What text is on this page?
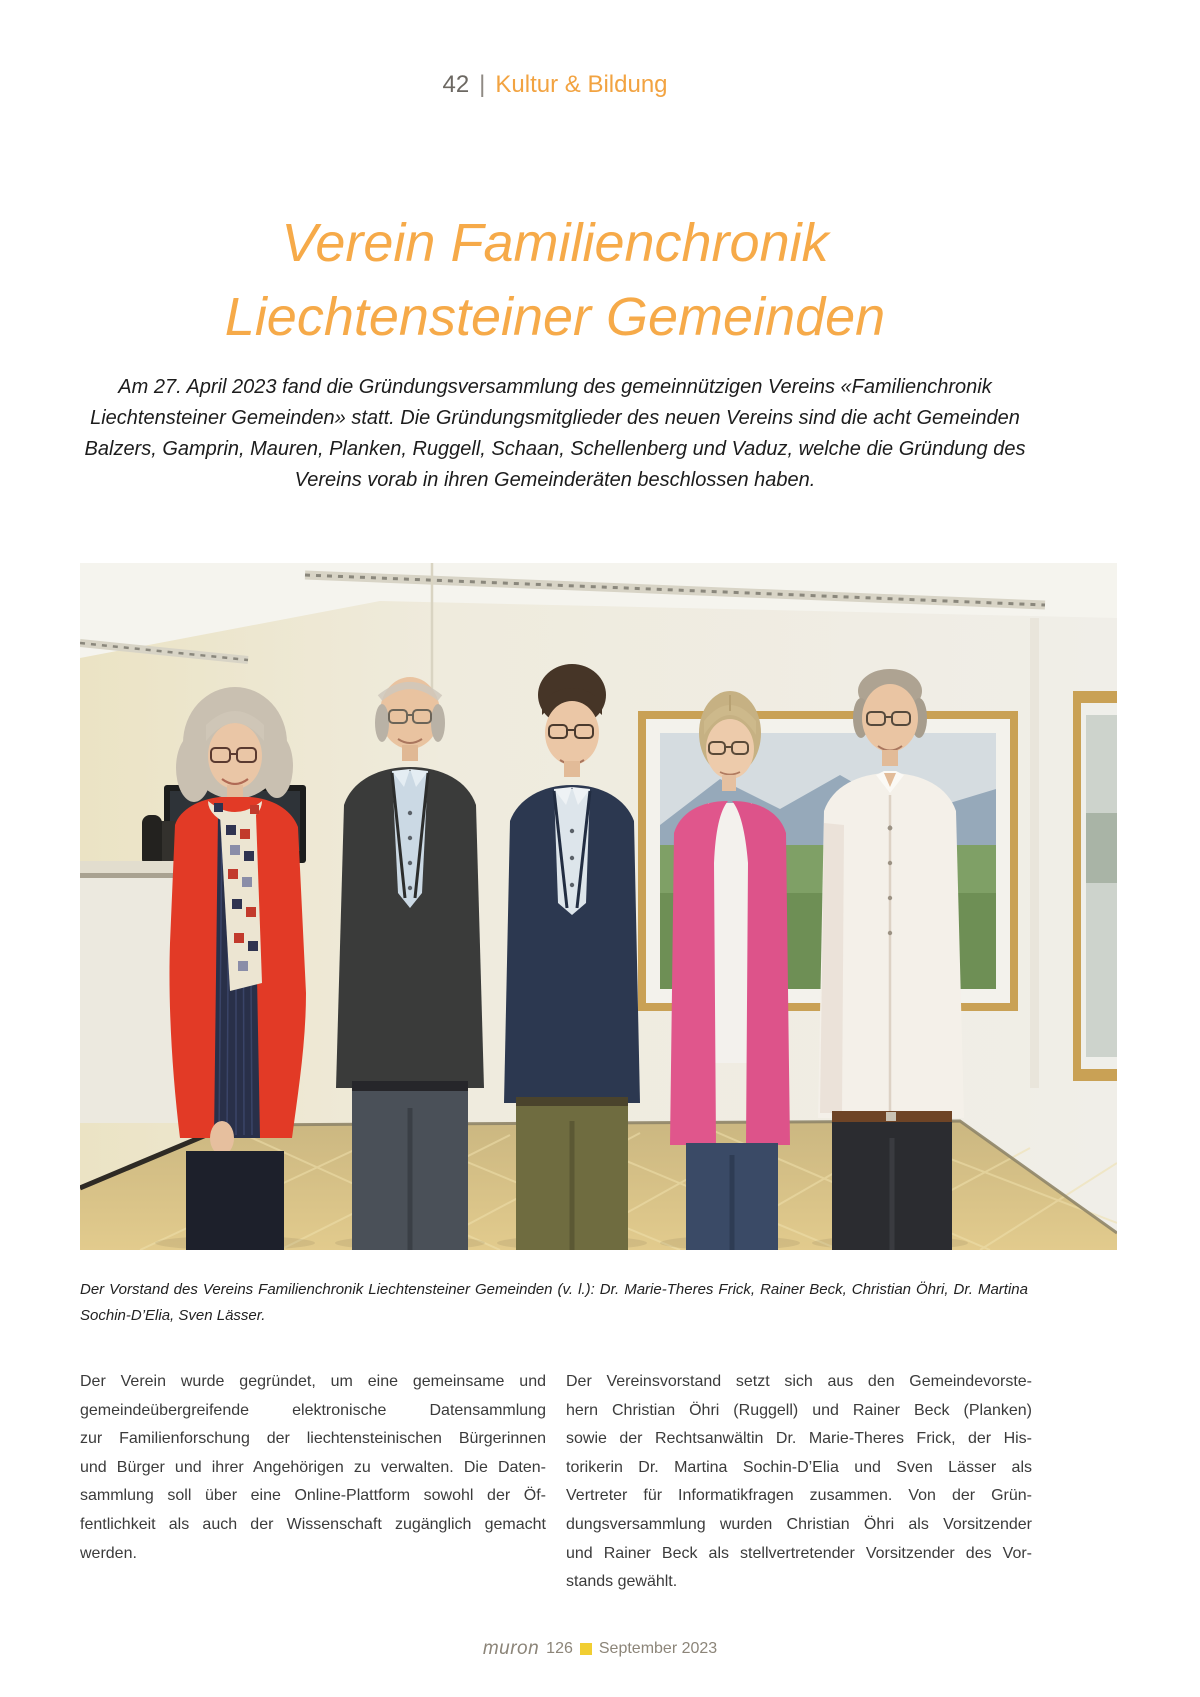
42 | Kultur & Bildung
Verein Familienchronik
Liechtensteiner Gemeinden
Am 27. April 2023 fand die Gründungsversammlung des gemeinnützigen Vereins «Familienchronik
Liechtensteiner Gemeinden» statt. Die Gründungsmitglieder des neuen Vereins sind die acht Gemeinden
Balzers, Gamprin, Mauren, Planken, Ruggell, Schaan, Schellenberg und Vaduz, welche die Gründung des
Vereins vorab in ihren Gemeinderäten beschlossen haben.
Der Vorstand des Vereins Familienchronik Liechtensteiner Gemeinden (v. l.): Dr. Marie-Theres Frick, Rainer Beck, Christian Öhri, Dr. Martina
Sochin-D’Elia, Sven Lässer.
Der Verein wurde gegründet, um eine gemeinsame und
gemeindeübergreifende elektronische Datensammlung
zur Familienforschung der liechtensteinischen Bürgerinnen
und Bürger und ihrer Angehörigen zu verwalten. Die Daten-
sammlung soll über eine Online-Plattform sowohl der Öf-
fentlichkeit als auch der Wissenschaft zugänglich gemacht
werden.
Der Vereinsvorstand setzt sich aus den Gemeindevorste-
hern Christian Öhri (Ruggell) und Rainer Beck (Planken)
sowie der Rechtsanwältin Dr. Marie-Theres Frick, der His-
torikerin Dr. Martina Sochin-D’Elia und Sven Lässer als
Vertreter für Informatikfragen zusammen. Von der Grün-
dungsversammlung wurden Christian Öhri als Vorsitzender
und Rainer Beck als stellvertretender Vorsitzender des Vor-
stands gewählt.
muron 126 September 2023
